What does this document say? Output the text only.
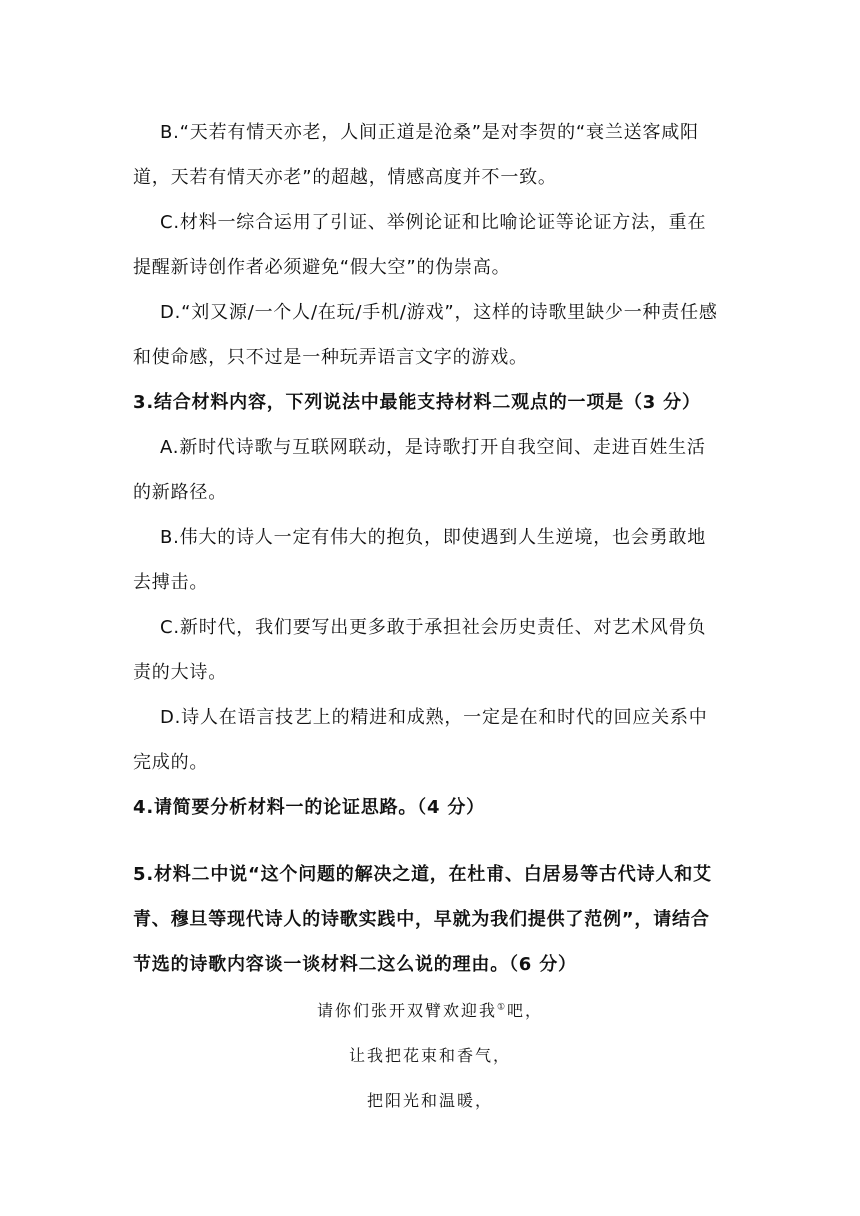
B.“天若有情天亦老，人间正道是沧桑”是对李贺的“衰兰送客咸阳
道，天若有情天亦老”的超越，情感高度并不一致。
C.材料一综合运用了引证、举例论证和比喻论证等论证方法，重在
提醒新诗创作者必须避免“假大空”的伪崇高。
D.“刘又源/一个人/在玩/手机/游戏”，这样的诗歌里缺少一种责任感
和使命感，只不过是一种玩弄语言文字的游戏。
3.结合材料内容，下列说法中最能支持材料二观点的一项是（3 分）
A.新时代诗歌与互联网联动，是诗歌打开自我空间、走进百姓生活
的新路径。
B.伟大的诗人一定有伟大的抱负，即使遇到人生逆境，也会勇敢地
去搏击。
C.新时代，我们要写出更多敢于承担社会历史责任、对艺术风骨负
责的大诗。
D.诗人在语言技艺上的精进和成熟，一定是在和时代的回应关系中
完成的。
4.请简要分析材料一的论证思路。（4 分）
5.材料二中说“这个问题的解决之道，在杜甫、白居易等古代诗人和艾
青、穆旦等现代诗人的诗歌实践中，早就为我们提供了范例”，请结合
节选的诗歌内容谈一谈材料二这么说的理由。（6 分）
请你们张开双臂欢迎我①吧，
让我把花束和香气，
把阳光和温暖，
